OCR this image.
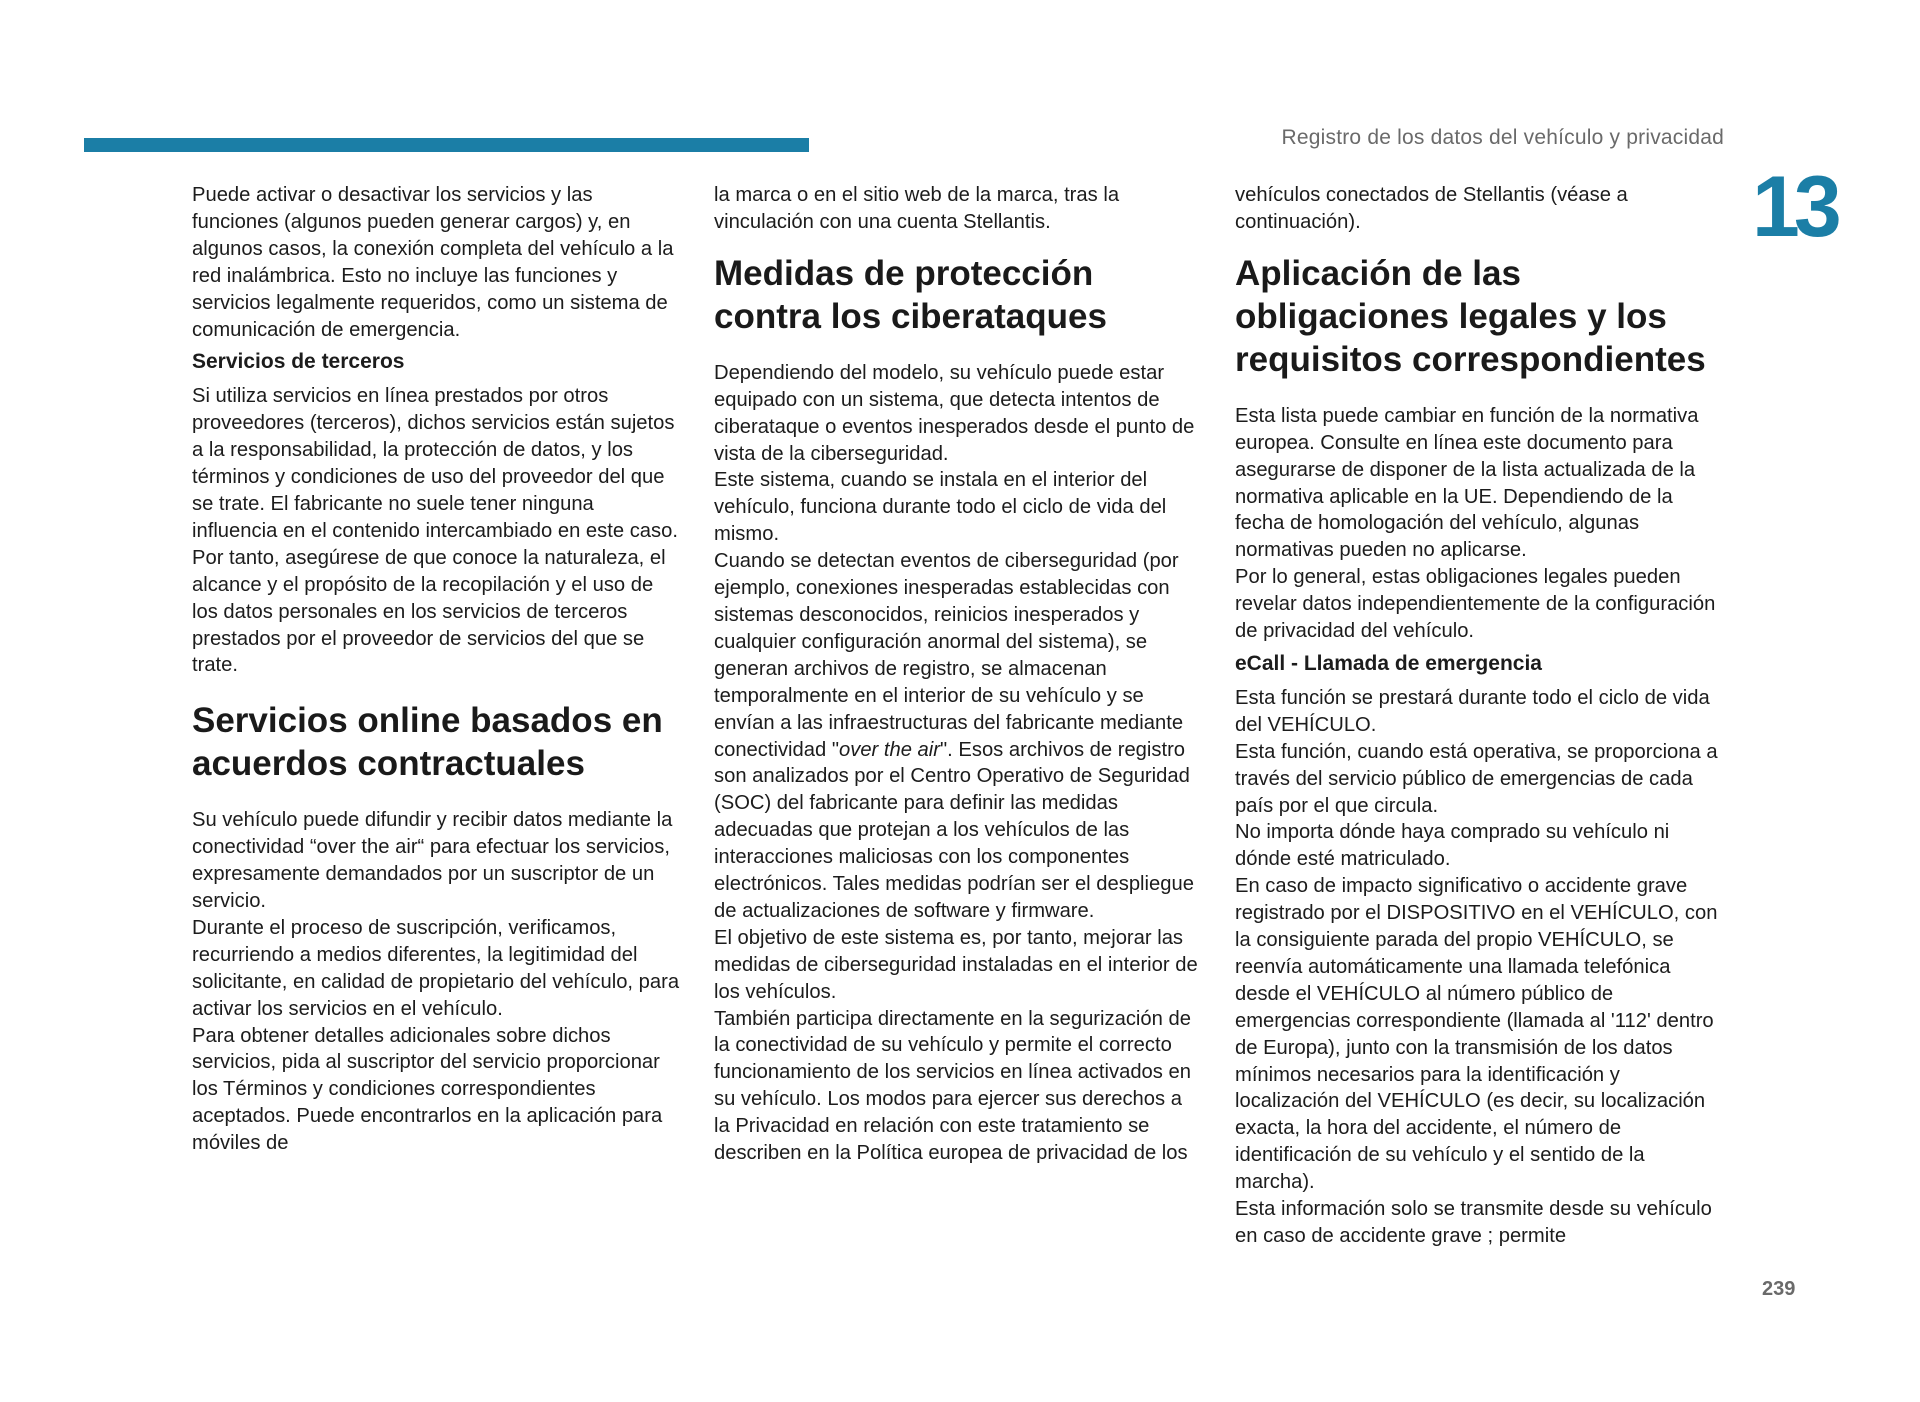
Registro de los datos del vehículo y privacidad
13

Puede activar o desactivar los servicios y las funciones (algunos pueden generar cargos) y, en algunos casos, la conexión completa del vehículo a la red inalámbrica. Esto no incluye las funciones y servicios legalmente requeridos, como un sistema de comunicación de emergencia.

Servicios de terceros

Si utiliza servicios en línea prestados por otros proveedores (terceros), dichos servicios están sujetos a la responsabilidad, la protección de datos, y los términos y condiciones de uso del proveedor del que se trate. El fabricante no suele tener ninguna influencia en el contenido intercambiado en este caso.

Por tanto, asegúrese de que conoce la naturaleza, el alcance y el propósito de la recopilación y el uso de los datos personales en los servicios de terceros prestados por el proveedor de servicios del que se trate.

Servicios online basados en acuerdos contractuales

Su vehículo puede difundir y recibir datos mediante la conectividad “over the air“ para efectuar los servicios, expresamente demandados por un suscriptor de un servicio.

Durante el proceso de suscripción, verificamos, recurriendo a medios diferentes, la legitimidad del solicitante, en calidad de propietario del vehículo, para activar los servicios en el vehículo.

Para obtener detalles adicionales sobre dichos servicios, pida al suscriptor del servicio proporcionar los Términos y condiciones correspondientes aceptados. Puede encontrarlos en la aplicación para móviles de

la marca o en el sitio web de la marca, tras la vinculación con una cuenta Stellantis.

Medidas de protección contra los ciberataques

Dependiendo del modelo, su vehículo puede estar equipado con un sistema, que detecta intentos de ciberataque o eventos inesperados desde el punto de vista de la ciberseguridad.

Este sistema, cuando se instala en el interior del vehículo, funciona durante todo el ciclo de vida del mismo.

Cuando se detectan eventos de ciberseguridad (por ejemplo, conexiones inesperadas establecidas con sistemas desconocidos, reinicios inesperados y cualquier configuración anormal del sistema), se generan archivos de registro, se almacenan temporalmente en el interior de su vehículo y se envían a las infraestructuras del fabricante mediante conectividad "over the air". Esos archivos de registro son analizados por el Centro Operativo de Seguridad (SOC) del fabricante para definir las medidas adecuadas que protejan a los vehículos de las interacciones maliciosas con los componentes electrónicos. Tales medidas podrían ser el despliegue de actualizaciones de software y firmware.

El objetivo de este sistema es, por tanto, mejorar las medidas de ciberseguridad instaladas en el interior de los vehículos.

También participa directamente en la segurización de la conectividad de su vehículo y permite el correcto funcionamiento de los servicios en línea activados en su vehículo. Los modos para ejercer sus derechos a la Privacidad en relación con este tratamiento se describen en la Política europea de privacidad de los

vehículos conectados de Stellantis (véase a continuación).

Aplicación de las obligaciones legales y los requisitos correspondientes

Esta lista puede cambiar en función de la normativa europea. Consulte en línea este documento para asegurarse de disponer de la lista actualizada de la normativa aplicable en la UE. Dependiendo de la fecha de homologación del vehículo, algunas normativas pueden no aplicarse.

Por lo general, estas obligaciones legales pueden revelar datos independientemente de la configuración de privacidad del vehículo.

eCall - Llamada de emergencia

Esta función se prestará durante todo el ciclo de vida del VEHÍCULO.

Esta función, cuando está operativa, se proporciona a través del servicio público de emergencias de cada país por el que circula.

No importa dónde haya comprado su vehículo ni dónde esté matriculado.

En caso de impacto significativo o accidente grave registrado por el DISPOSITIVO en el VEHÍCULO, con la consiguiente parada del propio VEHÍCULO, se reenvía automáticamente una llamada telefónica desde el VEHÍCULO al número público de emergencias correspondiente (llamada al '112' dentro de Europa), junto con la transmisión de los datos mínimos necesarios para la identificación y localización del VEHÍCULO (es decir, su localización exacta, la hora del accidente, el número de identificación de su vehículo y el sentido de la marcha).

Esta información solo se transmite desde su vehículo en caso de accidente grave ; permite

239
